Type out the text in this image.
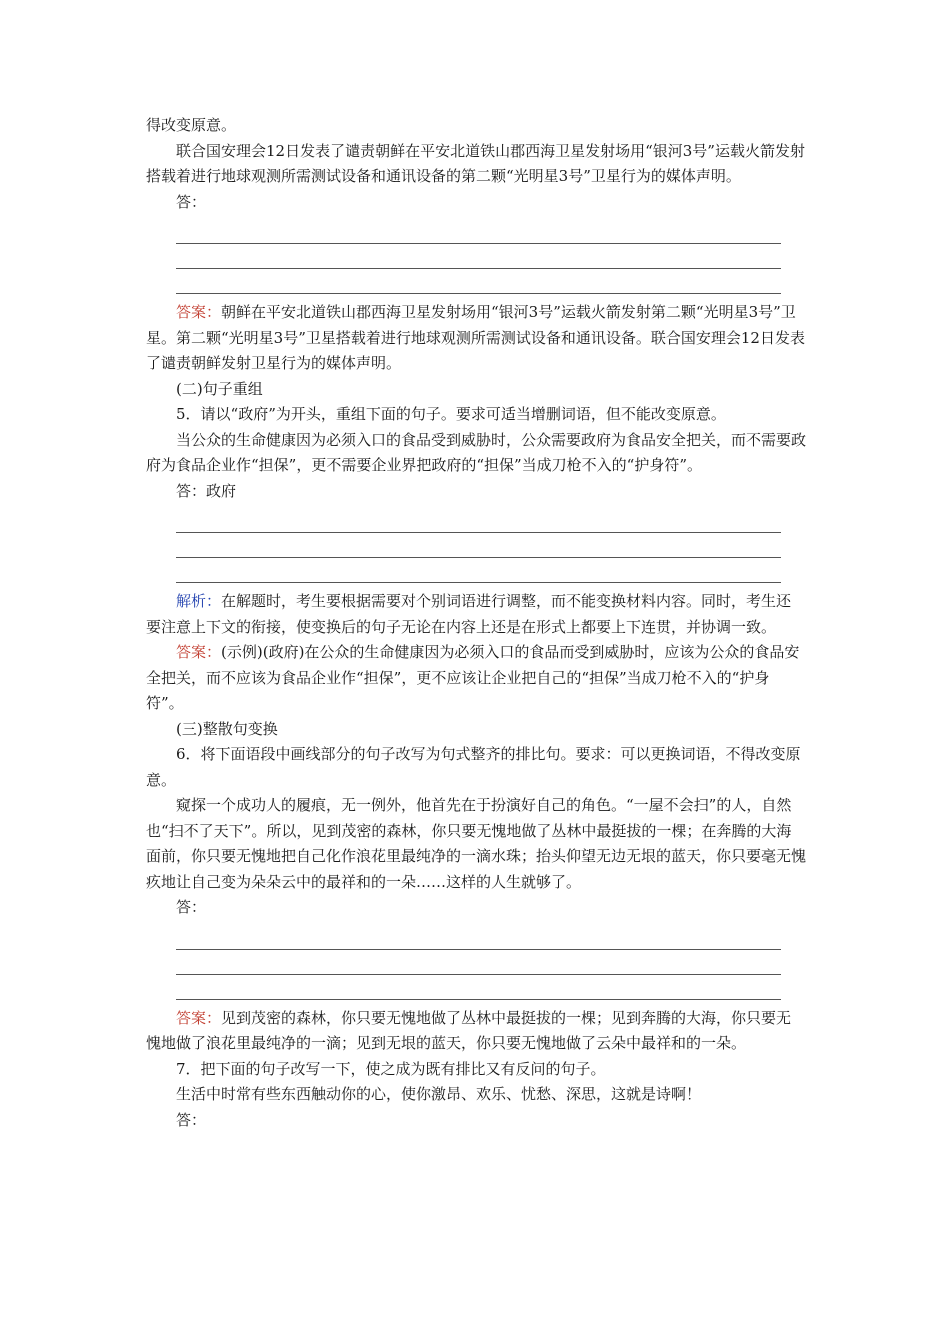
得改变原意。

联合国安理会12日发表了谴责朝鲜在平安北道铁山郡西海卫星发射场用“银河3号”运载火箭发射搭载着进行地球观测所需测试设备和通讯设备的第二颗“光明星3号”卫星行为的媒体声明。

答：

答案：朝鲜在平安北道铁山郡西海卫星发射场用“银河3号”运载火箭发射第二颗“光明星3号”卫星。第二颗“光明星3号”卫星搭载着进行地球观测所需测试设备和通讯设备。联合国安理会12日发表了谴责朝鲜发射卫星行为的媒体声明。

(二)句子重组

5．请以“政府”为开头，重组下面的句子。要求可适当增删词语，但不能改变原意。

当公众的生命健康因为必须入口的食品受到威胁时，公众需要政府为食品安全把关，而不需要政府为食品企业作“担保”，更不需要企业界把政府的“担保”当成刀枪不入的“护身符”。

答：政府

解析：在解题时，考生要根据需要对个别词语进行调整，而不能变换材料内容。同时，考生还要注意上下文的衔接，使变换后的句子无论在内容上还是在形式上都要上下连贯，并协调一致。

答案：(示例)(政府)在公众的生命健康因为必须入口的食品而受到威胁时，应该为公众的食品安全把关，而不应该为食品企业作“担保”，更不应该让企业把自己的“担保”当成刀枪不入的“护身符”。

(三)整散句变换

6．将下面语段中画线部分的句子改写为句式整齐的排比句。要求：可以更换词语，不得改变原意。

窥探一个成功人的履痕，无一例外，他首先在于扮演好自己的角色。“一屋不会扫”的人，自然也“扫不了天下”。所以，见到茂密的森林，你只要无愧地做了丛林中最挺拔的一棵；在奔腾的大海面前，你只要无愧地把自己化作浪花里最纯净的一滴水珠；抬头仰望无边无垠的蓝天，你只要毫无愧疚地让自己变为朵朵云中的最祥和的一朵……这样的人生就够了。

答：

答案：见到茂密的森林，你只要无愧地做了丛林中最挺拔的一棵；见到奔腾的大海，你只要无愧地做了浪花里最纯净的一滴；见到无垠的蓝天，你只要无愧地做了云朵中最祥和的一朵。

7．把下面的句子改写一下，使之成为既有排比又有反问的句子。

生活中时常有些东西触动你的心，使你激昂、欢乐、忧愁、深思，这就是诗啊！

答：
